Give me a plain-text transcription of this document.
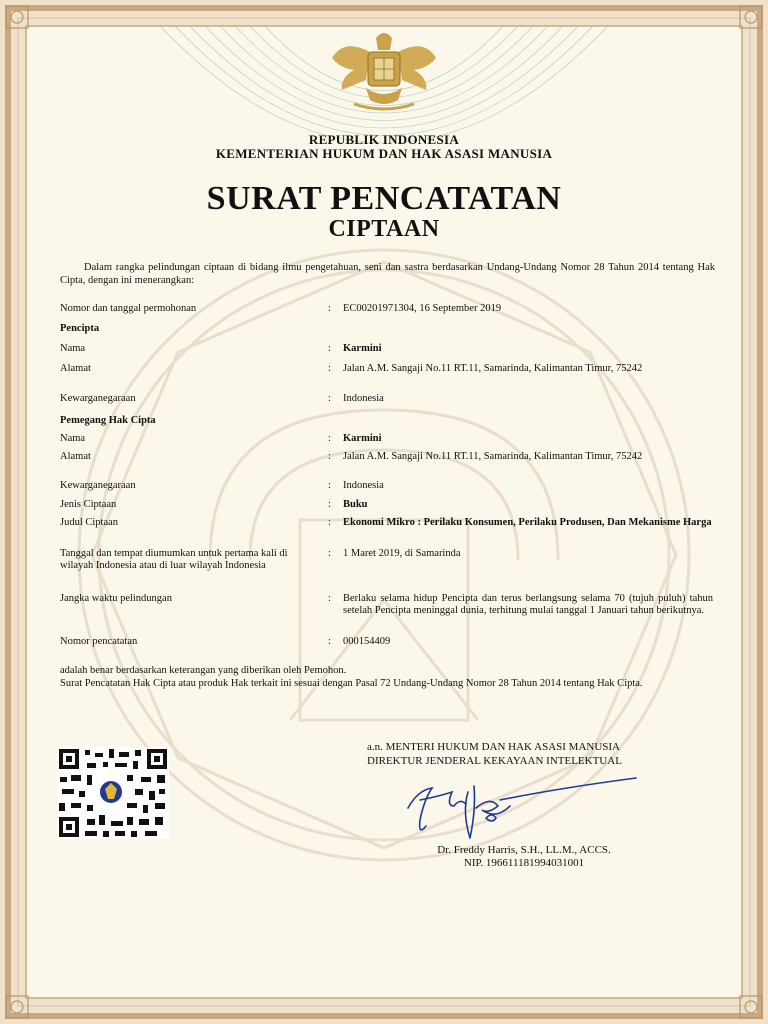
REPUBLIK INDONESIA
KEMENTERIAN HUKUM DAN HAK ASASI MANUSIA
SURAT PENCATATAN
CIPTAAN
Dalam rangka pelindungan ciptaan di bidang ilmu pengetahuan, seni dan sastra berdasarkan Undang-Undang Nomor 28 Tahun 2014 tentang Hak Cipta, dengan ini menerangkan:
Nomor dan tanggal permohonan	: EC00201971304, 16 September 2019
Pencipta
Nama	: Karmini
Alamat	: Jalan A.M. Sangaji No.11 RT.11, Samarinda, Kalimantan Timur, 75242
Kewarganegaraan	: Indonesia
Pemegang Hak Cipta
Nama	: Karmini
Alamat	: Jalan A.M. Sangaji No.11 RT.11, Samarinda, Kalimantan Timur, 75242
Kewarganegaraan	: Indonesia
Jenis Ciptaan	: Buku
Judul Ciptaan	: Ekonomi Mikro : Perilaku Konsumen, Perilaku Produsen, Dan Mekanisme Harga
Tanggal dan tempat diumumkan untuk pertama kali di wilayah Indonesia atau di luar wilayah Indonesia
: 1 Maret 2019, di Samarinda
Jangka waktu pelindungan	: Berlaku selama hidup Pencipta dan terus berlangsung selama 70 (tujuh puluh) tahun setelah Pencipta meninggal dunia, terhitung mulai tanggal 1 Januari tahun berikutnya.
Nomor pencatatan	: 000154409
adalah benar berdasarkan keterangan yang diberikan oleh Pemohon.
Surat Pencatatan Hak Cipta atau produk Hak terkait ini sesuai dengan Pasal 72 Undang-Undang Nomor 28 Tahun 2014 tentang Hak Cipta.
a.n. MENTERI HUKUM DAN HAK ASASI MANUSIA
DIREKTUR JENDERAL KEKAYAAN INTELEKTUAL
Dr. Freddy Harris, S.H., LL.M., ACCS.
NIP. 196611181994031001
